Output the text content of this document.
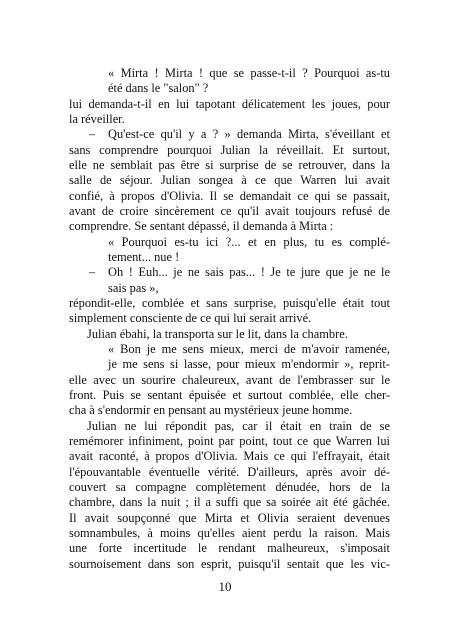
« Mirta ! Mirta ! que se passe-t-il ? Pourquoi as-tu
été dans le "salon" ?
lui demanda-t-il en lui tapotant délicatement les joues, pour
la réveiller.
– Qu'est-ce qu'il y a ? » demanda Mirta, s'éveillant et
sans comprendre pourquoi Julian la réveillait. Et surtout,
elle ne semblait pas être si surprise de se retrouver, dans la
salle de séjour. Julian songea à ce que Warren lui avait
confié, à propos d'Olivia. Il se demandait ce qui se passait,
avant de croire sincèrement ce qu'il avait toujours refusé de
comprendre. Se sentant dépassé, il demanda à Mirta :
« Pourquoi es-tu ici ?... et en plus, tu es complé-
tement... nue !
– Oh ! Euh... je ne sais pas... ! Je te jure que je ne le
sais pas »,
répondit-elle, comblée et sans surprise, puisqu'elle était tout
simplement consciente de ce qui lui serait arrivé.
Julian ébahi, la transporta sur le lit, dans la chambre.
« Bon je me sens mieux, merci de m'avoir ramenée,
je me sens si lasse, pour mieux m'endormir », reprit-
elle avec un sourire chaleureux, avant de l'embrasser sur le
front. Puis se sentant épuisée et surtout comblée, elle cher-
cha à s'endormir en pensant au mystérieux jeune homme.
Julian ne lui répondit pas, car il était en train de se
remémorer infiniment, point par point, tout ce que Warren lui
avait raconté, à propos d'Olivia. Mais ce qui l'effrayait, était
l'épouvantable éventuelle vérité. D'ailleurs, après avoir dé-
couvert sa compagne complètement dénudée, hors de la
chambre, dans la nuit ; il a suffi que sa soirée ait été gâchée.
Il avait soupçonné que Mirta et Olivia seraient devenues
somnambules, à moins qu'elles aient perdu la raison. Mais
une forte incertitude le rendant malheureux, s'imposait
sournoisement dans son esprit, puisqu'il sentait que les vic-
10
